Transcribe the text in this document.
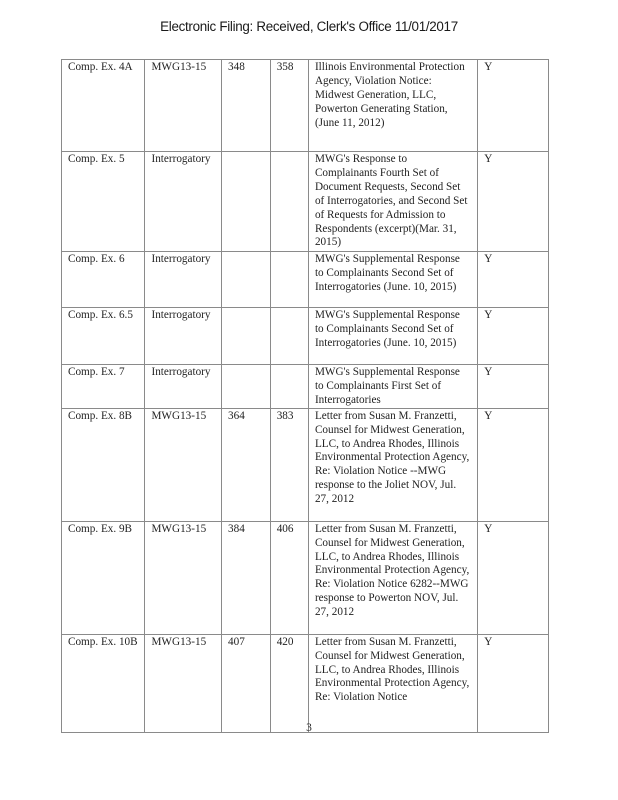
Electronic Filing: Received, Clerk's Office 11/01/2017
Comp. Ex. 4A	MWG13-15	348	358	Illinois Environmental Protection Agency, Violation Notice: Midwest Generation, LLC, Powerton Generating Station, (June 11, 2012)	Y
Comp. Ex. 5	Interrogatory			MWG's Response to Complainants Fourth Set of Document Requests, Second Set of Interrogatories, and Second Set of Requests for Admission to Respondents (excerpt)(Mar. 31, 2015)	Y
Comp. Ex. 6	Interrogatory			MWG's Supplemental Response to Complainants Second Set of Interrogatories (June. 10, 2015)	Y
Comp. Ex. 6.5	Interrogatory			MWG's Supplemental Response to Complainants Second Set of Interrogatories (June. 10, 2015)	Y
Comp. Ex. 7	Interrogatory			MWG's Supplemental Response to Complainants First Set of Interrogatories	Y
Comp. Ex. 8B	MWG13-15	364	383	Letter from Susan M. Franzetti, Counsel for Midwest Generation, LLC, to Andrea Rhodes, Illinois Environmental Protection Agency, Re: Violation Notice --MWG response to the Joliet NOV, Jul. 27, 2012	Y
Comp. Ex. 9B	MWG13-15	384	406	Letter from Susan M. Franzetti, Counsel for Midwest Generation, LLC, to Andrea Rhodes, Illinois Environmental Protection Agency, Re: Violation Notice 6282--MWG response to Powerton NOV, Jul. 27, 2012	Y
Comp. Ex. 10B	MWG13-15	407	420	Letter from Susan M. Franzetti, Counsel for Midwest Generation, LLC, to Andrea Rhodes, Illinois Environmental Protection Agency, Re: Violation Notice	Y
3
